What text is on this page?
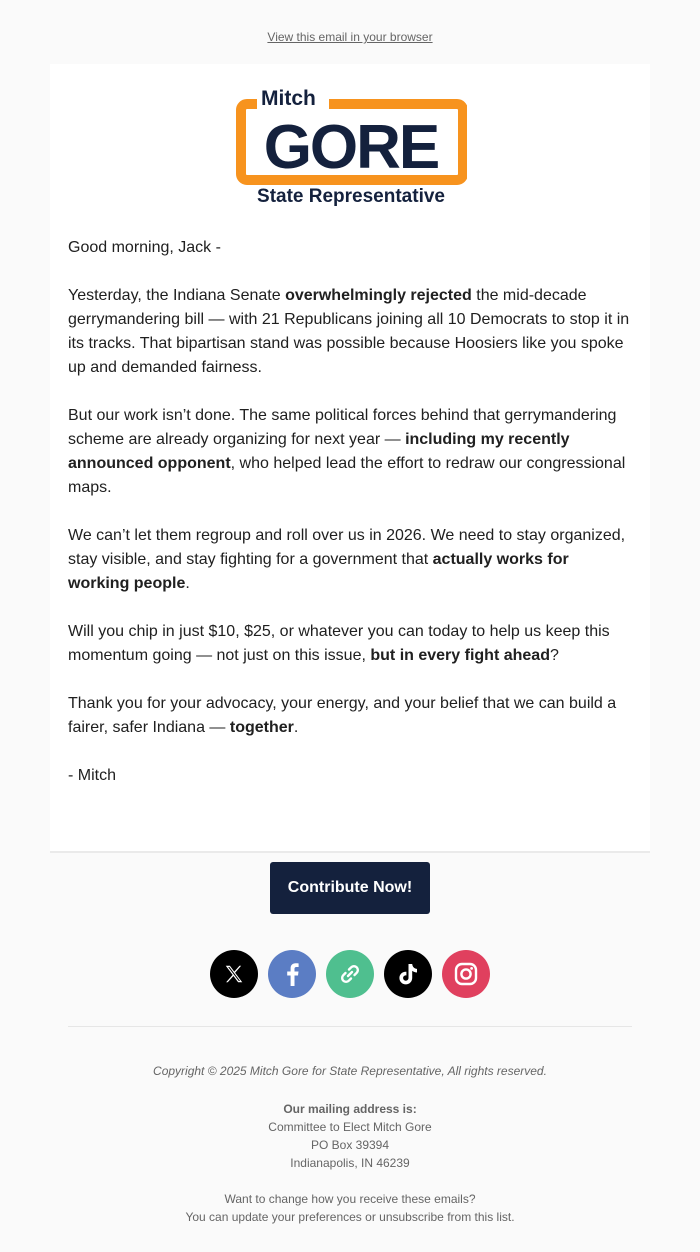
View this email in your browser
Mitch
GORE
State Representative

Good morning, Jack -

Yesterday, the Indiana Senate overwhelmingly rejected the mid-decade gerrymandering bill — with 21 Republicans joining all 10 Democrats to stop it in its tracks. That bipartisan stand was possible because Hoosiers like you spoke up and demanded fairness.

But our work isn’t done. The same political forces behind that gerrymandering scheme are already organizing for next year — including my recently announced opponent, who helped lead the effort to redraw our congressional maps.

We can’t let them regroup and roll over us in 2026. We need to stay organized, stay visible, and stay fighting for a government that actually works for working people.

Will you chip in just $10, $25, or whatever you can today to help us keep this momentum going — not just on this issue, but in every fight ahead?

Thank you for your advocacy, your energy, and your belief that we can build a fairer, safer Indiana — together.

- Mitch

Contribute Now!
Copyright © 2025 Mitch Gore for State Representative, All rights reserved.
Our mailing address is:
Committee to Elect Mitch Gore
PO Box 39394
Indianapolis, IN 46239
Want to change how you receive these emails?
You can update your preferences or unsubscribe from this list.
